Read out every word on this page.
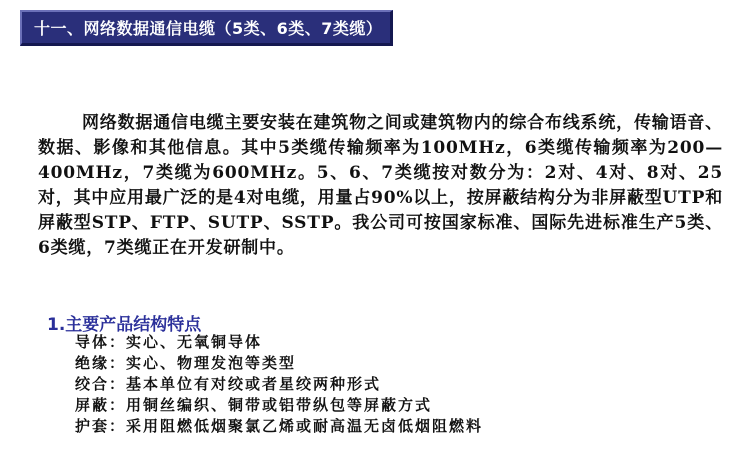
十一、网络数据通信电缆（5类、6类、7类缆）

网络数据通信电缆主要安装在建筑物之间或建筑物内的综合布线系统，传输语音、数据、影像和其他信息。其中5类缆传输频率为100MHz，6类缆传输频率为200—400MHz，7类缆为600MHz。5、6、7类缆按对数分为：2对、4对、8对、25对，其中应用最广泛的是4对电缆，用量占90%以上，按屏蔽结构分为非屏蔽型UTP和屏蔽型STP、FTP、SUTP、SSTP。我公司可按国家标准、国际先进标准生产5类、6类缆，7类缆正在开发研制中。

1.主要产品结构特点
导体：实心、无氧铜导体
绝缘：实心、物理发泡等类型
绞合：基本单位有对绞或者星绞两种形式
屏蔽：用铜丝编织、铜带或铝带纵包等屏蔽方式
护套：采用阻燃低烟聚氯乙烯或耐高温无卤低烟阻燃料
